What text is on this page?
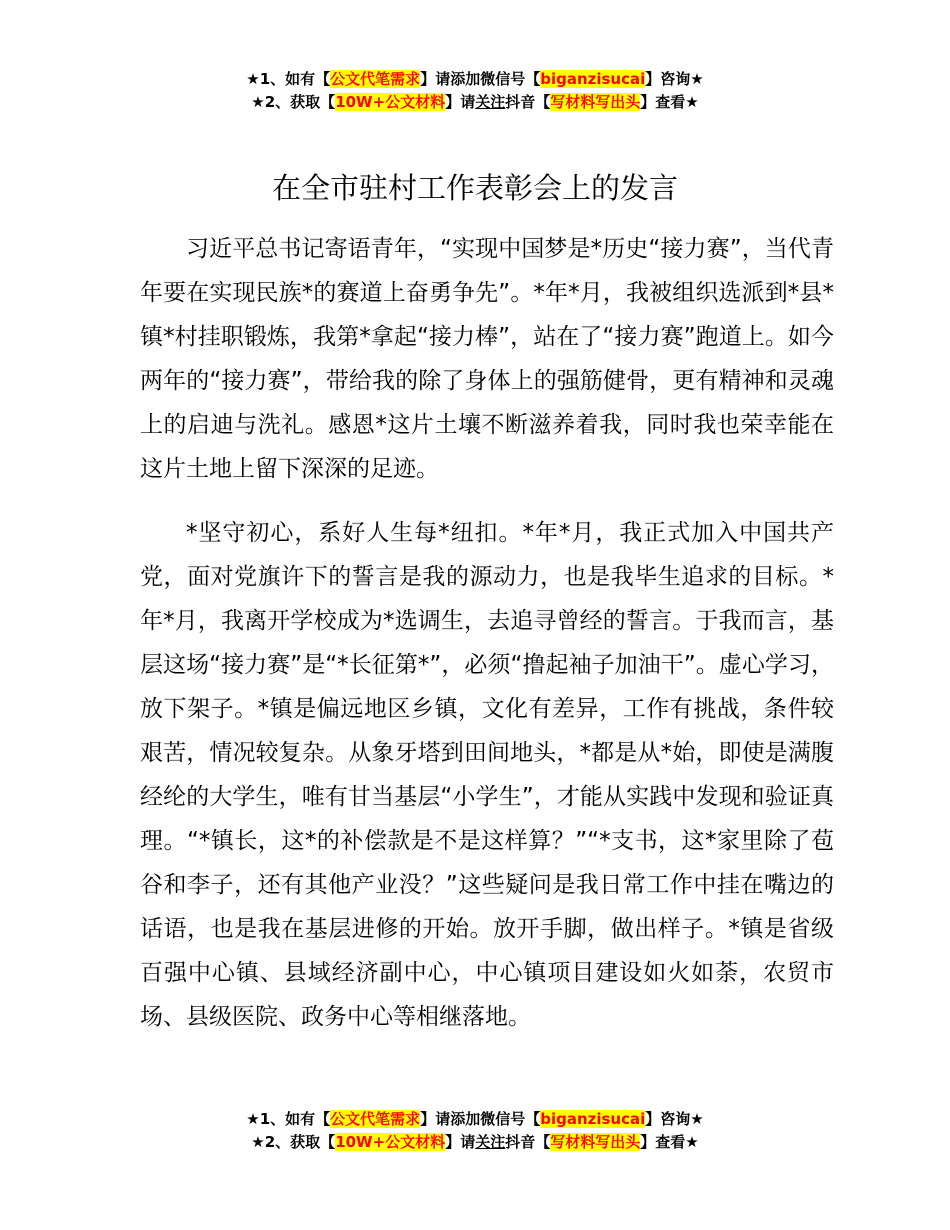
★1、如有【公文代笔需求】请添加微信号【biganzisucai】咨询★
★2、获取【10W+公文材料】请关注抖音【写材料写出头】查看★
在全市驻村工作表彰会上的发言

习近平总书记寄语青年，“实现中国梦是*历史“接力赛”，当代青年要在实现民族*的赛道上奋勇争先”。*年*月，我被组织选派到*县*镇*村挂职锻炼，我第*拿起“接力棒”，站在了“接力赛”跑道上。如今两年的“接力赛”，带给我的除了身体上的强筋健骨，更有精神和灵魂上的启迪与洗礼。感恩*这片土壤不断滋养着我，同时我也荣幸能在这片土地上留下深深的足迹。

*坚守初心，系好人生每*纽扣。*年*月，我正式加入中国共产党，面对党旗许下的誓言是我的源动力，也是我毕生追求的目标。*年*月，我离开学校成为*选调生，去追寻曾经的誓言。于我而言，基层这场“接力赛”是“*长征第*”，必须“撸起袖子加油干”。虚心学习，放下架子。*镇是偏远地区乡镇，文化有差异，工作有挑战，条件较艰苦，情况较复杂。从象牙塔到田间地头，*都是从*始，即使是满腹经纶的大学生，唯有甘当基层“小学生”，才能从实践中发现和验证真理。“*镇长，这*的补偿款是不是这样算？”“*支书，这*家里除了苞谷和李子，还有其他产业没？”这些疑问是我日常工作中挂在嘴边的话语，也是我在基层进修的开始。放开手脚，做出样子。*镇是省级百强中心镇、县域经济副中心，中心镇项目建设如火如荼，农贸市场、县级医院、政务中心等相继落地。

★1、如有【公文代笔需求】请添加微信号【biganzisucai】咨询★
★2、获取【10W+公文材料】请关注抖音【写材料写出头】查看★
